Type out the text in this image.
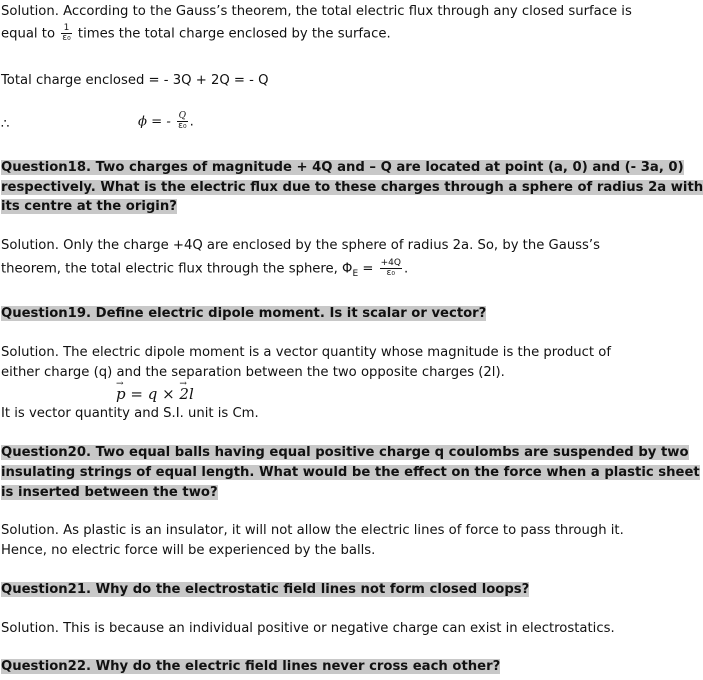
Solution. According to the Gauss’s theorem, the total electric flux through any closed surface is
equal to $\frac{1}{\text{ε₀}}$ times the total charge enclosed by the surface.
Total charge enclosed = - 3Q + 2Q = - Q
∴	ϕ = - $\frac{Q}{\text{ε₀}}$ .
Question18. Two charges of magnitude + 4Q and – Q are located at point (a, 0) and (- 3a, 0)
respectively. What is the electric flux due to these charges through a sphere of radius 2a with
its centre at the origin?
Solution. Only the charge +4Q are enclosed by the sphere of radius 2a. So, by the Gauss’s
theorem, the total electric flux through the sphere, $\Phi_E = \frac{+4Q}{\text{ε₀}}$ .
Question19. Define electric dipole moment. Is it scalar or vector?
Solution. The electric dipole moment is a vector quantity whose magnitude is the product of
either charge (q) and the separation between the two opposite charges (2l).
→ p = q × → 2l
It is vector quantity and S.I. unit is Cm.
Question20. Two equal balls having equal positive charge q coulombs are suspended by two
insulating strings of equal length. What would be the effect on the force when a plastic sheet
is inserted between the two?
Solution. As plastic is an insulator, it will not allow the electric lines of force to pass through it.
Hence, no electric force will be experienced by the balls.
Question21. Why do the electrostatic field lines not form closed loops?
Solution. This is because an individual positive or negative charge can exist in electrostatics.
Question22. Why do the electric field lines never cross each other?
